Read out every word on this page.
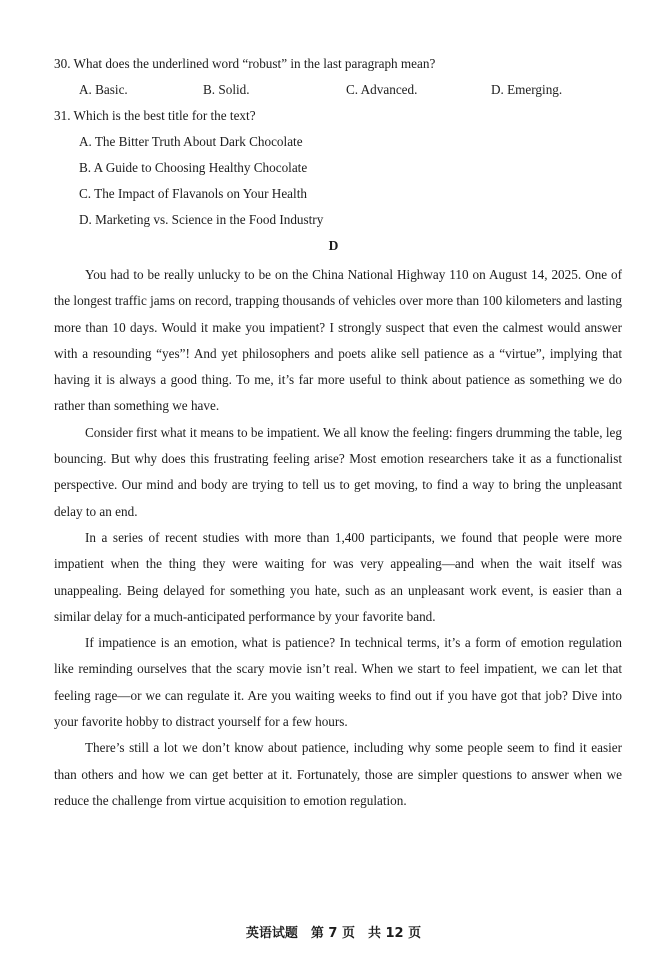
30. What does the underlined word “robust” in the last paragraph mean?
A. Basic.	B. Solid.	C. Advanced.	D. Emerging.
31. Which is the best title for the text?
A. The Bitter Truth About Dark Chocolate
B. A Guide to Choosing Healthy Chocolate
C. The Impact of Flavanols on Your Health
D. Marketing vs. Science in the Food Industry
D

You had to be really unlucky to be on the China National Highway 110 on August 14, 2025. One of the longest traffic jams on record, trapping thousands of vehicles over more than 100 kilometers and lasting more than 10 days. Would it make you impatient? I strongly suspect that even the calmest would answer with a resounding “yes”! And yet philosophers and poets alike sell patience as a “virtue”, implying that having it is always a good thing. To me, it’s far more useful to think about patience as something we do rather than something we have.

Consider first what it means to be impatient. We all know the feeling: fingers drumming the table, leg bouncing. But why does this frustrating feeling arise? Most emotion researchers take it as a functionalist perspective. Our mind and body are trying to tell us to get moving, to find a way to bring the unpleasant delay to an end.

In a series of recent studies with more than 1,400 participants, we found that people were more impatient when the thing they were waiting for was very appealing—and when the wait itself was unappealing. Being delayed for something you hate, such as an unpleasant work event, is easier than a similar delay for a much-anticipated performance by your favorite band.

If impatience is an emotion, what is patience? In technical terms, it’s a form of emotion regulation like reminding ourselves that the scary movie isn’t real. When we start to feel impatient, we can let that feeling rage—or we can regulate it. Are you waiting weeks to find out if you have got that job? Dive into your favorite hobby to distract yourself for a few hours.

There’s still a lot we don’t know about patience, including why some people seem to find it easier than others and how we can get better at it. Fortunately, those are simpler questions to answer when we reduce the challenge from virtue acquisition to emotion regulation.

英语试题　第 7 页　共 12 页
